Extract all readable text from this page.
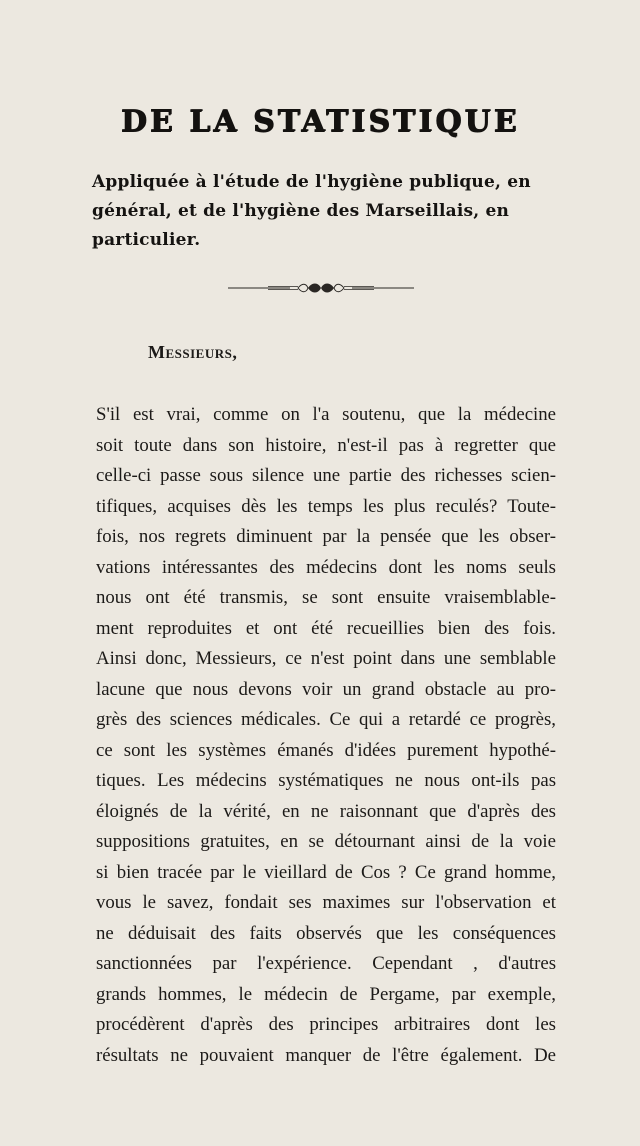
DE LA STATISTIQUE

Appliquée à l'étude de l'hygiène publique, en général, et de l'hygiène des Marseillais, en particulier.

Messieurs,

S'il est vrai, comme on l'a soutenu, que la médecine
soit toute dans son histoire, n'est-il pas à regretter que
celle-ci passe sous silence une partie des richesses scien-
tifiques, acquises dès les temps les plus reculés? Toute-
fois, nos regrets diminuent par la pensée que les obser-
vations intéressantes des médecins dont les noms seuls
nous ont été transmis, se sont ensuite vraisemblable-
ment reproduites et ont été recueillies bien des fois.
Ainsi donc, Messieurs, ce n'est point dans une semblable
lacune que nous devons voir un grand obstacle au pro-
grès des sciences médicales. Ce qui a retardé ce progrès,
ce sont les systèmes émanés d'idées purement hypothé-
tiques. Les médecins systématiques ne nous ont-ils pas
éloignés de la vérité, en ne raisonnant que d'après des
suppositions gratuites, en se détournant ainsi de la voie
si bien tracée par le vieillard de Cos ? Ce grand homme,
vous le savez, fondait ses maximes sur l'observation et
ne déduisait des faits observés que les conséquences
sanctionnées par l'expérience. Cependant , d'autres
grands hommes, le médecin de Pergame, par exemple,
procédèrent d'après des principes arbitraires dont les
résultats ne pouvaient manquer de l'être également. De
